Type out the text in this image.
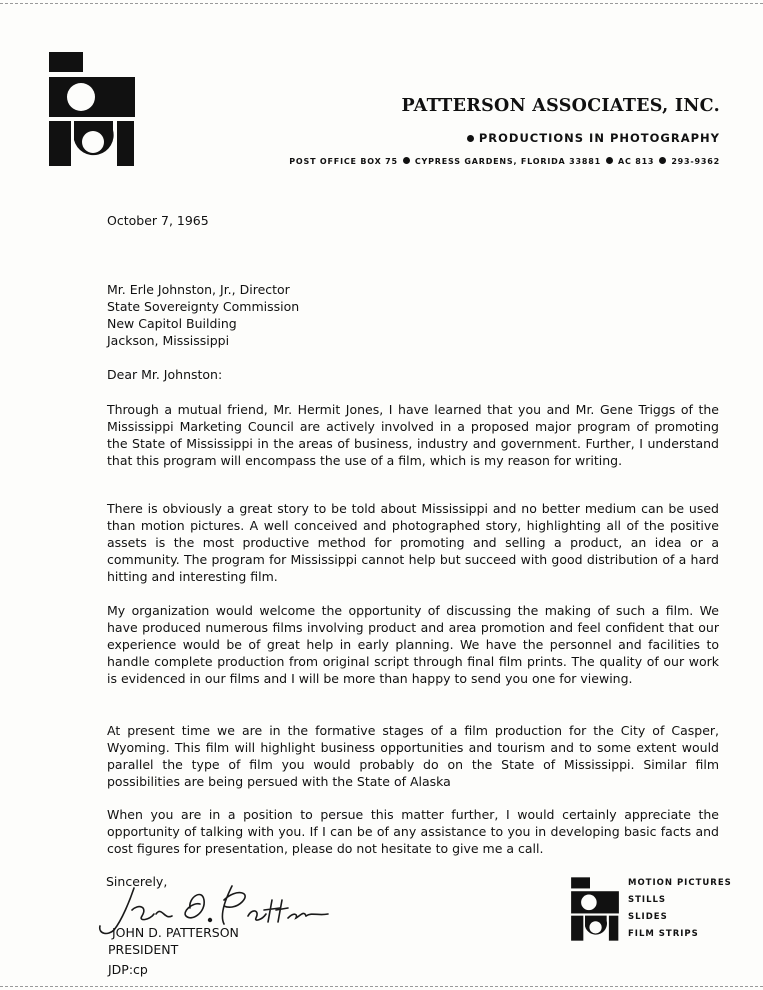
PATTERSON ASSOCIATES, INC.
PRODUCTIONS IN PHOTOGRAPHY
POST OFFICE BOX 75 CYPRESS GARDENS, FLORIDA 33881 AC 813 293-9362
October 7, 1965
Mr. Erle Johnston, Jr., Director
State Sovereignty Commission
New Capitol Building
Jackson, Mississippi
Dear Mr. Johnston:
Through a mutual friend, Mr. Hermit Jones, I have learned that you and Mr. Gene Triggs of the Mississippi Marketing Council are actively involved in a proposed major program of promoting the State of Mississippi in the areas of business, industry and government. Further, I understand that this program will encompass the use of a film, which is my reason for writing.
There is obviously a great story to be told about Mississippi and no better medium can be used than motion pictures. A well conceived and photographed story, highlighting all of the positive assets is the most productive method for promoting and selling a product, an idea or a community. The program for Mississippi cannot help but succeed with good distribution of a hard hitting and interesting film.
My organization would welcome the opportunity of discussing the making of such a film. We have produced numerous films involving product and area promotion and feel confident that our experience would be of great help in early planning. We have the personnel and facilities to handle complete production from original script through final film prints. The quality of our work is evidenced in our films and I will be more than happy to send you one for viewing.
At present time we are in the formative stages of a film production for the City of Casper, Wyoming. This film will highlight business opportunities and tourism and to some extent would parallel the type of film you would probably do on the State of Mississippi. Similar film possibilities are being persued with the State of Alaska
When you are in a position to persue this matter further, I would certainly appreciate the opportunity of talking with you. If I can be of any assistance to you in developing basic facts and cost figures for presentation, please do not hesitate to give me a call.
Sincerely,
JOHN D. PATTERSON
PRESIDENT
JDP:cp
MOTION PICTURES
STILLS
SLIDES
FILM STRIPS
